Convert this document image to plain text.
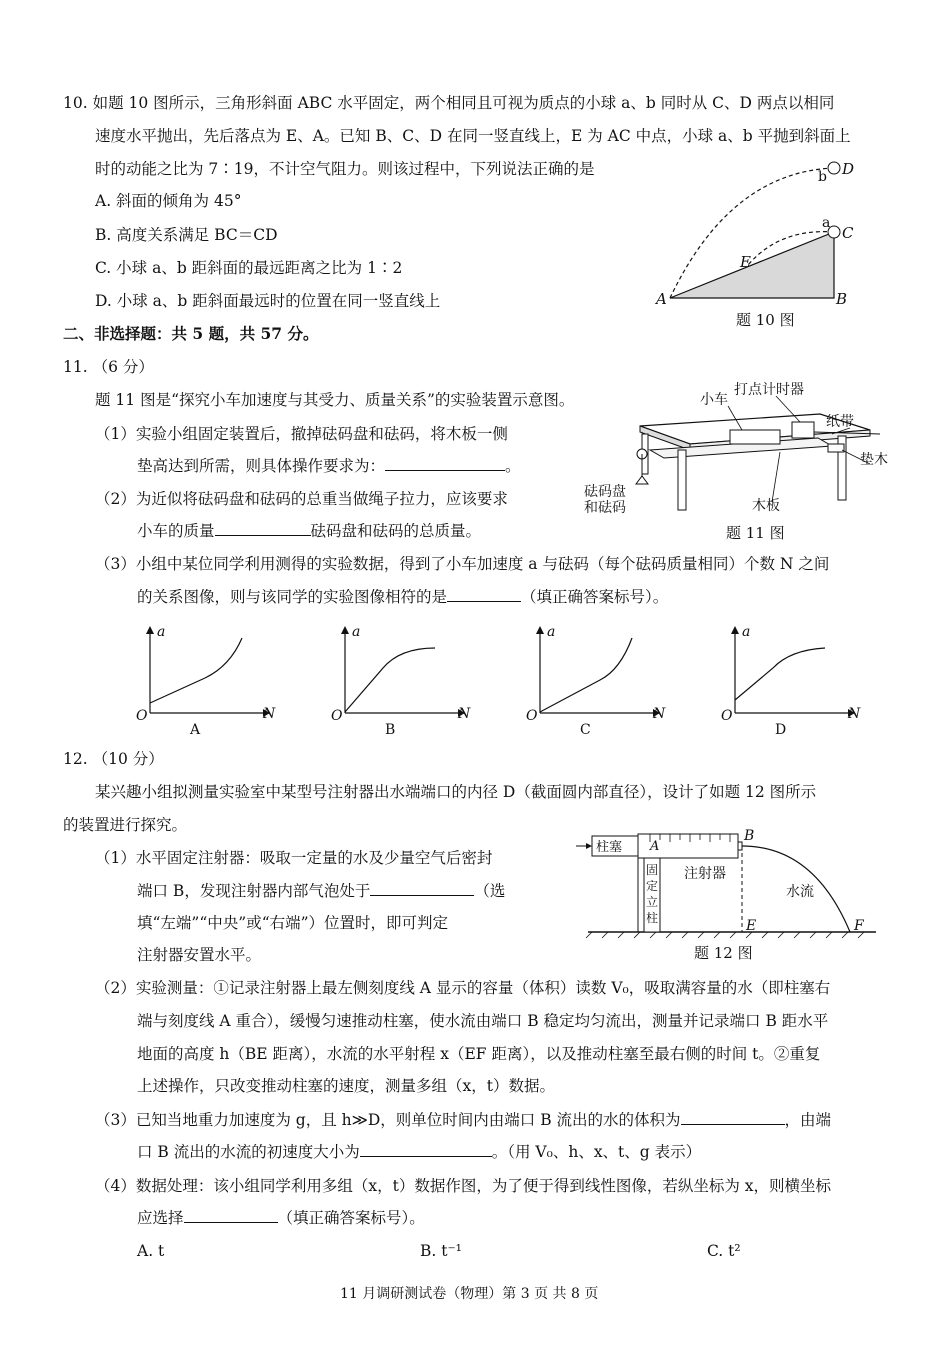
10. 如题 10 图所示，三角形斜面 ABC 水平固定，两个相同且可视为质点的小球 a、b 同时从 C、D 两点以相同
速度水平抛出，先后落点为 E、A。已知 B、C、D 在同一竖直线上，E 为 AC 中点，小球 a、b 平抛到斜面上
时的动能之比为 7∶19，不计空气阻力。则该过程中，下列说法正确的是
A. 斜面的倾角为 45°
B. 高度关系满足 BC＝CD
C. 小球 a、b 距斜面的最远距离之比为 1∶2
D. 小球 a、b 距斜面最远时的位置在同一竖直线上
D
b
a
C
E
A	B
题 10 图
二、非选择题：共 5 题，共 57 分。
11. （6 分）
题 11 图是“探究小车加速度与其受力、质量关系”的实验装置示意图。
（1）实验小组固定装置后，撤掉砝码盘和砝码，将木板一侧
垫高达到所需，则具体操作要求为：	。
（2）为近似将砝码盘和砝码的总重当做绳子拉力，应该要求
小车的质量	砝码盘和砝码的总质量。
（3）小组中某位同学利用测得的实验数据，得到了小车加速度 a 与砝码（每个砝码质量相同）个数 N 之间
的关系图像，则与该同学的实验图像相符的是	（填正确答案标号）。
小车
打点计时器
纸带
垫木
木板
砝码盘
和砝码
题 11 图
O
a
N
A
O
a
N
B
O
a
N
C
O
a
N
D
12. （10 分）
某兴趣小组拟测量实验室中某型号注射器出水端端口的内径 D（截面圆内部直径），设计了如题 12 图所示
的装置进行探究。
（1）水平固定注射器：吸取一定量的水及少量空气后密封
端口 B，发现注射器内部气泡处于	（选
填“左端”“中央”或“右端”）位置时，即可判定
注射器安置水平。
柱塞
固
定
立
柱
A
B
E	F
注射器
水流
题 12 图
（2）实验测量：①记录注射器上最左侧刻度线 A 显示的容量（体积）读数 V₀，吸取满容量的水（即柱塞右
端与刻度线 A 重合），缓慢匀速推动柱塞，使水流由端口 B 稳定均匀流出，测量并记录端口 B 距水平
地面的高度 h（BE 距离），水流的水平射程 x（EF 距离），以及推动柱塞至最右侧的时间 t。②重复
上述操作，只改变推动柱塞的速度，测量多组（x，t）数据。
（3）已知当地重力加速度为 g，且 h≫D，则单位时间内由端口 B 流出的水的体积为	，由端
口 B 流出的水流的初速度大小为	。（用 V₀、h、x、t、g 表示）
（4）数据处理：该小组同学利用多组（x，t）数据作图，为了便于得到线性图像，若纵坐标为 x，则横坐标
应选择	（填正确答案标号）。
A. t	B. t⁻¹	C. t²
11 月调研测试卷（物理）第 3 页 共 8 页
